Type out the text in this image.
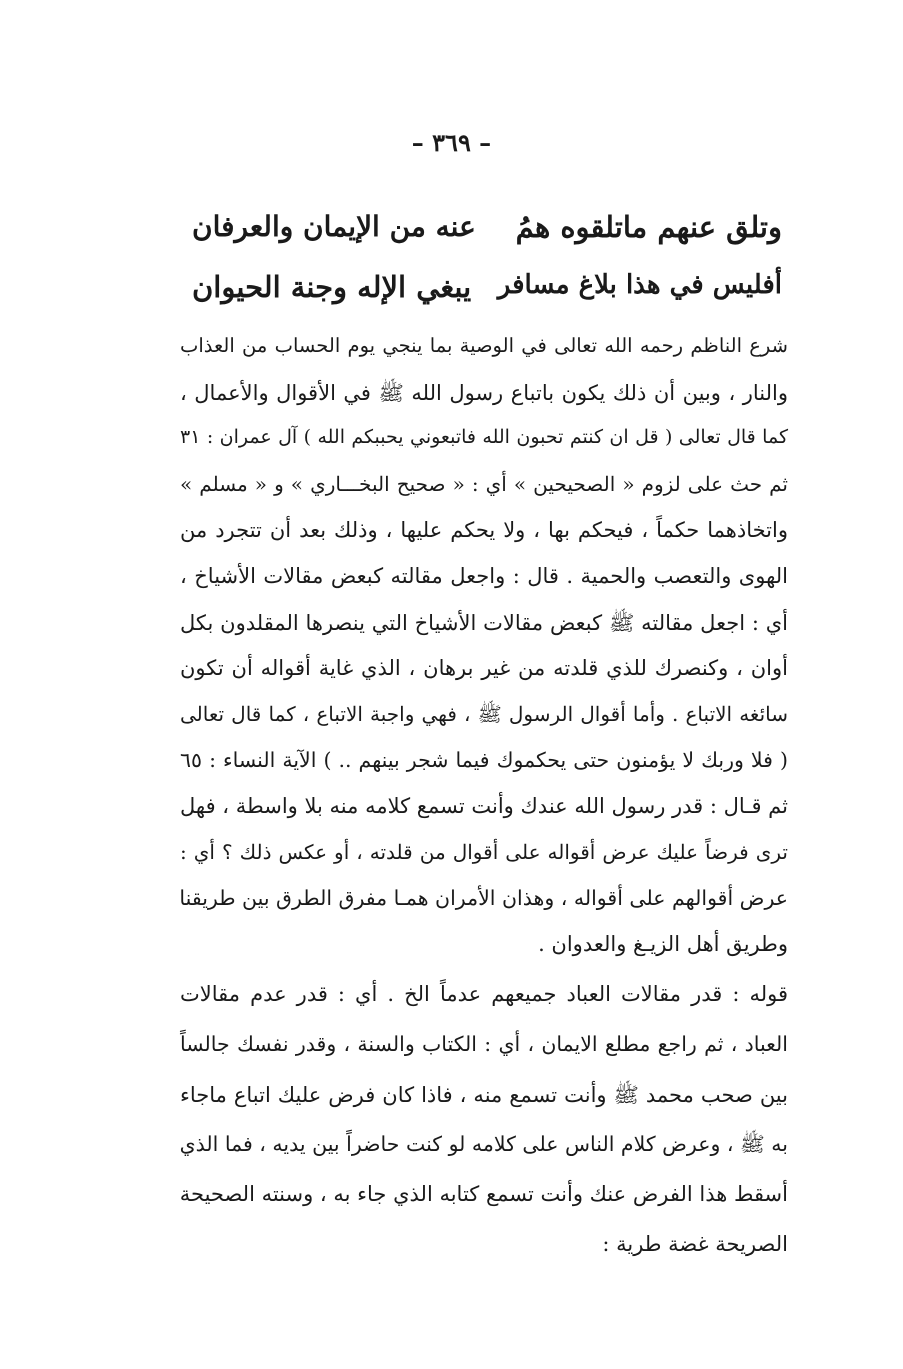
– ٣٦٩ –
وتلق عنهم ماتلقوه همُ
عنه من الإيمان والعرفان
أفليس في هذا بلاغ مسافر
يبغي الإله وجنة الحيوان
شرع الناظم رحمه الله تعالى في الوصية بما ينجي يوم الحساب من العذاب
والنار ، وبين أن ذلك يكون باتباع رسول الله ﷺ في الأقوال والأعمال ،
كما قال تعالى ( قل ان كنتم تحبون الله فاتبعوني يحببكم الله ) آل عمران : ٣١
ثم حث على لزوم « الصحيحين » أي : « صحيح البخـــاري » و « مسلم »
واتخاذهما حكماً ، فيحكم بها ، ولا يحكم عليها ، وذلك بعد أن تتجرد من
الهوى والتعصب والحمية . قال : واجعل مقالته كبعض مقالات الأشياخ ،
أي : اجعل مقالته ﷺ كبعض مقالات الأشياخ التي ينصرها المقلدون بكل
أوان ، وكنصرك للذي قلدته من غير برهان ، الذي غاية أقواله أن تكون
سائغه الاتباع . وأما أقوال الرسول ﷺ ، فهي واجبة الاتباع ، كما قال تعالى
( فلا وربك لا يؤمنون حتى يحكموك فيما شجر بينهم .. ) الآية النساء : ٦٥
ثم قـال : قدر رسول الله عندك وأنت تسمع كلامه منه بلا واسطة ، فهل
ترى فرضاً عليك عرض أقواله على أقوال من قلدته ، أو عكس ذلك ؟ أي :
عرض أقوالهم على أقواله ، وهذان الأمران همـا مفرق الطرق بين طريقنا
وطريق أهل الزيـغ والعدوان .
قوله : قدر مقالات العباد جميعهم عدماً الخ . أي : قدر عدم مقالات
العباد ، ثم راجع مطلع الايمان ، أي : الكتاب والسنة ، وقدر نفسك جالساً
بين صحب محمد ﷺ وأنت تسمع منه ، فاذا كان فرض عليك اتباع ماجاء
به ﷺ ، وعرض كلام الناس على كلامه لو كنت حاضراً بين يديه ، فما الذي
أسقط هذا الفرض عنك وأنت تسمع كتابه الذي جاء به ، وسنته الصحيحة
الصريحة غضة طرية :
